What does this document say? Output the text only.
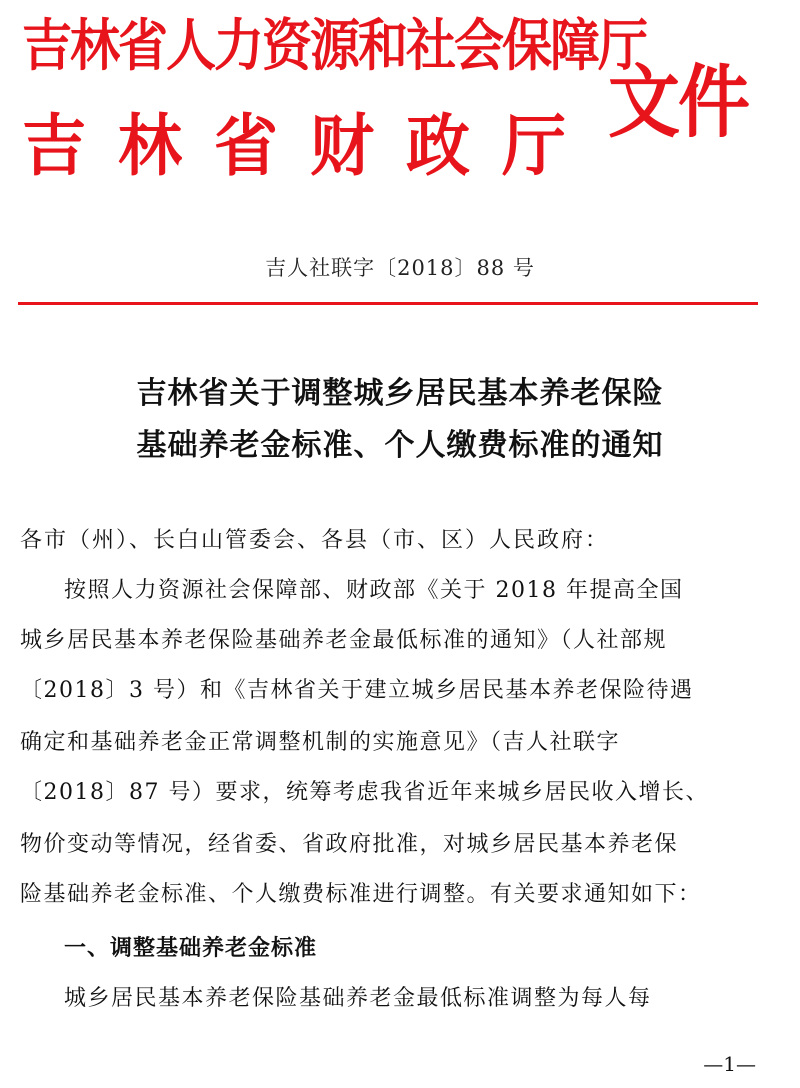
吉林省人力资源和社会保障厅
吉林省财政厅 文件
吉人社联字〔2018〕88 号
吉林省关于调整城乡居民基本养老保险
基础养老金标准、个人缴费标准的通知
各市（州）、长白山管委会、各县（市、区）人民政府：
按照人力资源社会保障部、财政部《关于 2018 年提高全国
城乡居民基本养老保险基础养老金最低标准的通知》（人社部规
〔2018〕3 号）和《吉林省关于建立城乡居民基本养老保险待遇
确定和基础养老金正常调整机制的实施意见》（吉人社联字
〔2018〕87 号）要求，统筹考虑我省近年来城乡居民收入增长、
物价变动等情况，经省委、省政府批准，对城乡居民基本养老保
险基础养老金标准、个人缴费标准进行调整。有关要求通知如下：
一、调整基础养老金标准
城乡居民基本养老保险基础养老金最低标准调整为每人每
—1—
